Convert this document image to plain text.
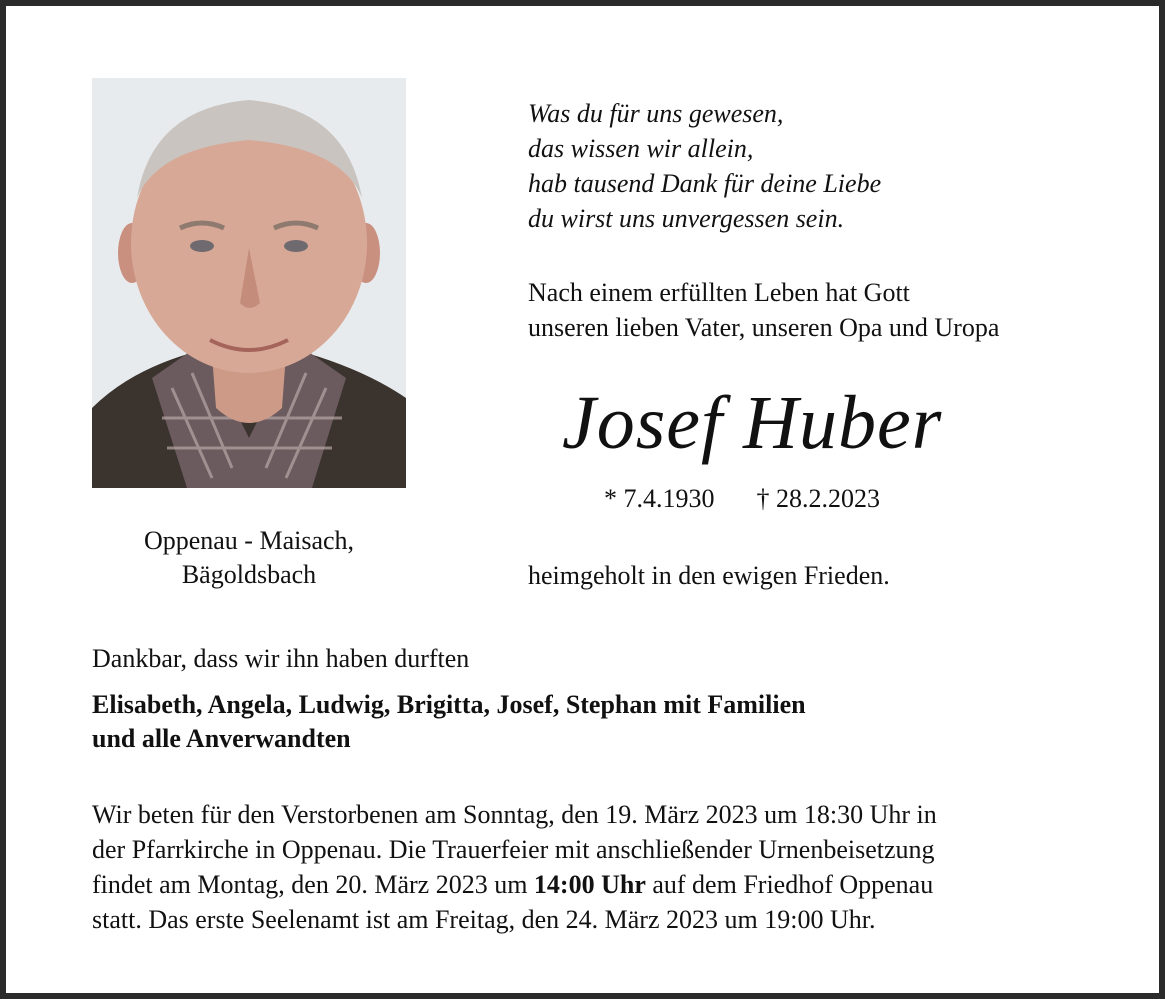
Oppenau - Maisach,
Bägoldsbach
Was du für uns gewesen,
das wissen wir allein,
hab tausend Dank für deine Liebe
du wirst uns unvergessen sein.
Nach einem erfüllten Leben hat Gott
unseren lieben Vater, unseren Opa und Uropa
Josef Huber
* 7.4.1930 † 28.2.2023
heimgeholt in den ewigen Frieden.
Dankbar, dass wir ihn haben durften
Elisabeth, Angela, Ludwig, Brigitta, Josef, Stephan mit Familien
und alle Anverwandten
Wir beten für den Verstorbenen am Sonntag, den 19. März 2023 um 18:30 Uhr in
der Pfarrkirche in Oppenau. Die Trauerfeier mit anschließender Urnenbeisetzung
findet am Montag, den 20. März 2023 um 14:00 Uhr auf dem Friedhof Oppenau
statt. Das erste Seelenamt ist am Freitag, den 24. März 2023 um 19:00 Uhr.
